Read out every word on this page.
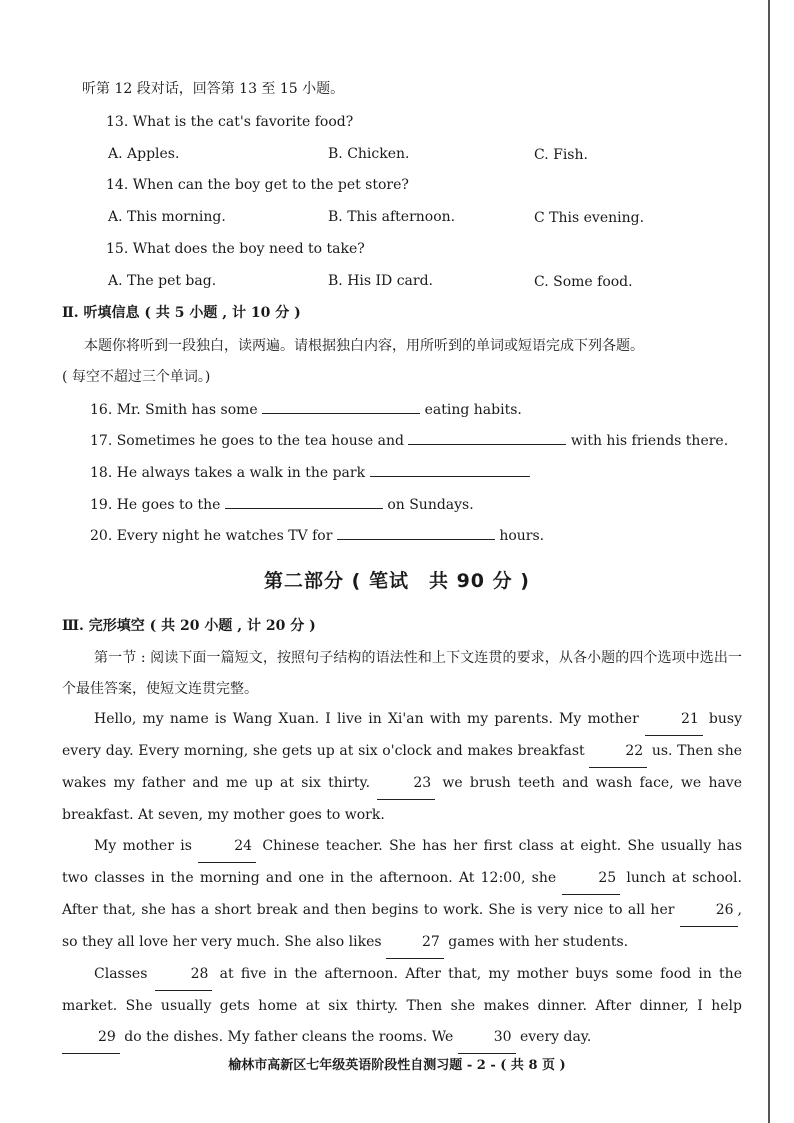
听第 12 段对话，回答第 13 至 15 小题。
13. What is the cat's favorite food?
A. Apples.	B. Chicken.	C. Fish.
14. When can the boy get to the pet store?
A. This morning.	B. This afternoon.	C This evening.
15. What does the boy need to take?
A. The pet bag.	B. His ID card.	C. Some food.
Ⅱ. 听填信息 ( 共 5 小题 , 计 10 分 )
本题你将听到一段独白，读两遍。请根据独白内容，用所听到的单词或短语完成下列各题。
( 每空不超过三个单词。)
16. Mr. Smith has some	eating habits.
17. Sometimes he goes to the tea house and	with his friends there.
18. He always takes a walk in the park
19. He goes to the	on Sundays.
20. Every night he watches TV for	hours.
第二部分 ( 笔试　共 90 分 )
Ⅲ. 完形填空 ( 共 20 小题 , 计 20 分 )

第一节 : 阅读下面一篇短文，按照句子结构的语法性和上下文连贯的要求，从各小题的四个选项中选出一个最佳答案，使短文连贯完整。

Hello, my name is Wang Xuan. I live in Xi'an with my parents. My mother	21 busy every day. Every morning, she gets up at six o'clock and makes breakfast	22 us. Then she wakes my father and me up at six thirty.	23 we brush teeth and wash face, we have breakfast. At seven, my mother goes to work.

My mother is	24 Chinese teacher. She has her first class at eight. She usually has two classes in the morning and one in the afternoon. At 12:00, she	25 lunch at school. After that, she has a short break and then begins to work. She is very nice to all her	26 , so they all love her very much. She also likes	27 games with her students.

Classes	28 at five in the afternoon. After that, my mother buys some food in the market. She usually gets home at six thirty. Then she makes dinner. After dinner, I help 29 do the dishes. My father cleans the rooms. We	30 every day.

榆林市高新区七年级英语阶段性自测习题 - 2 - ( 共 8 页 )
